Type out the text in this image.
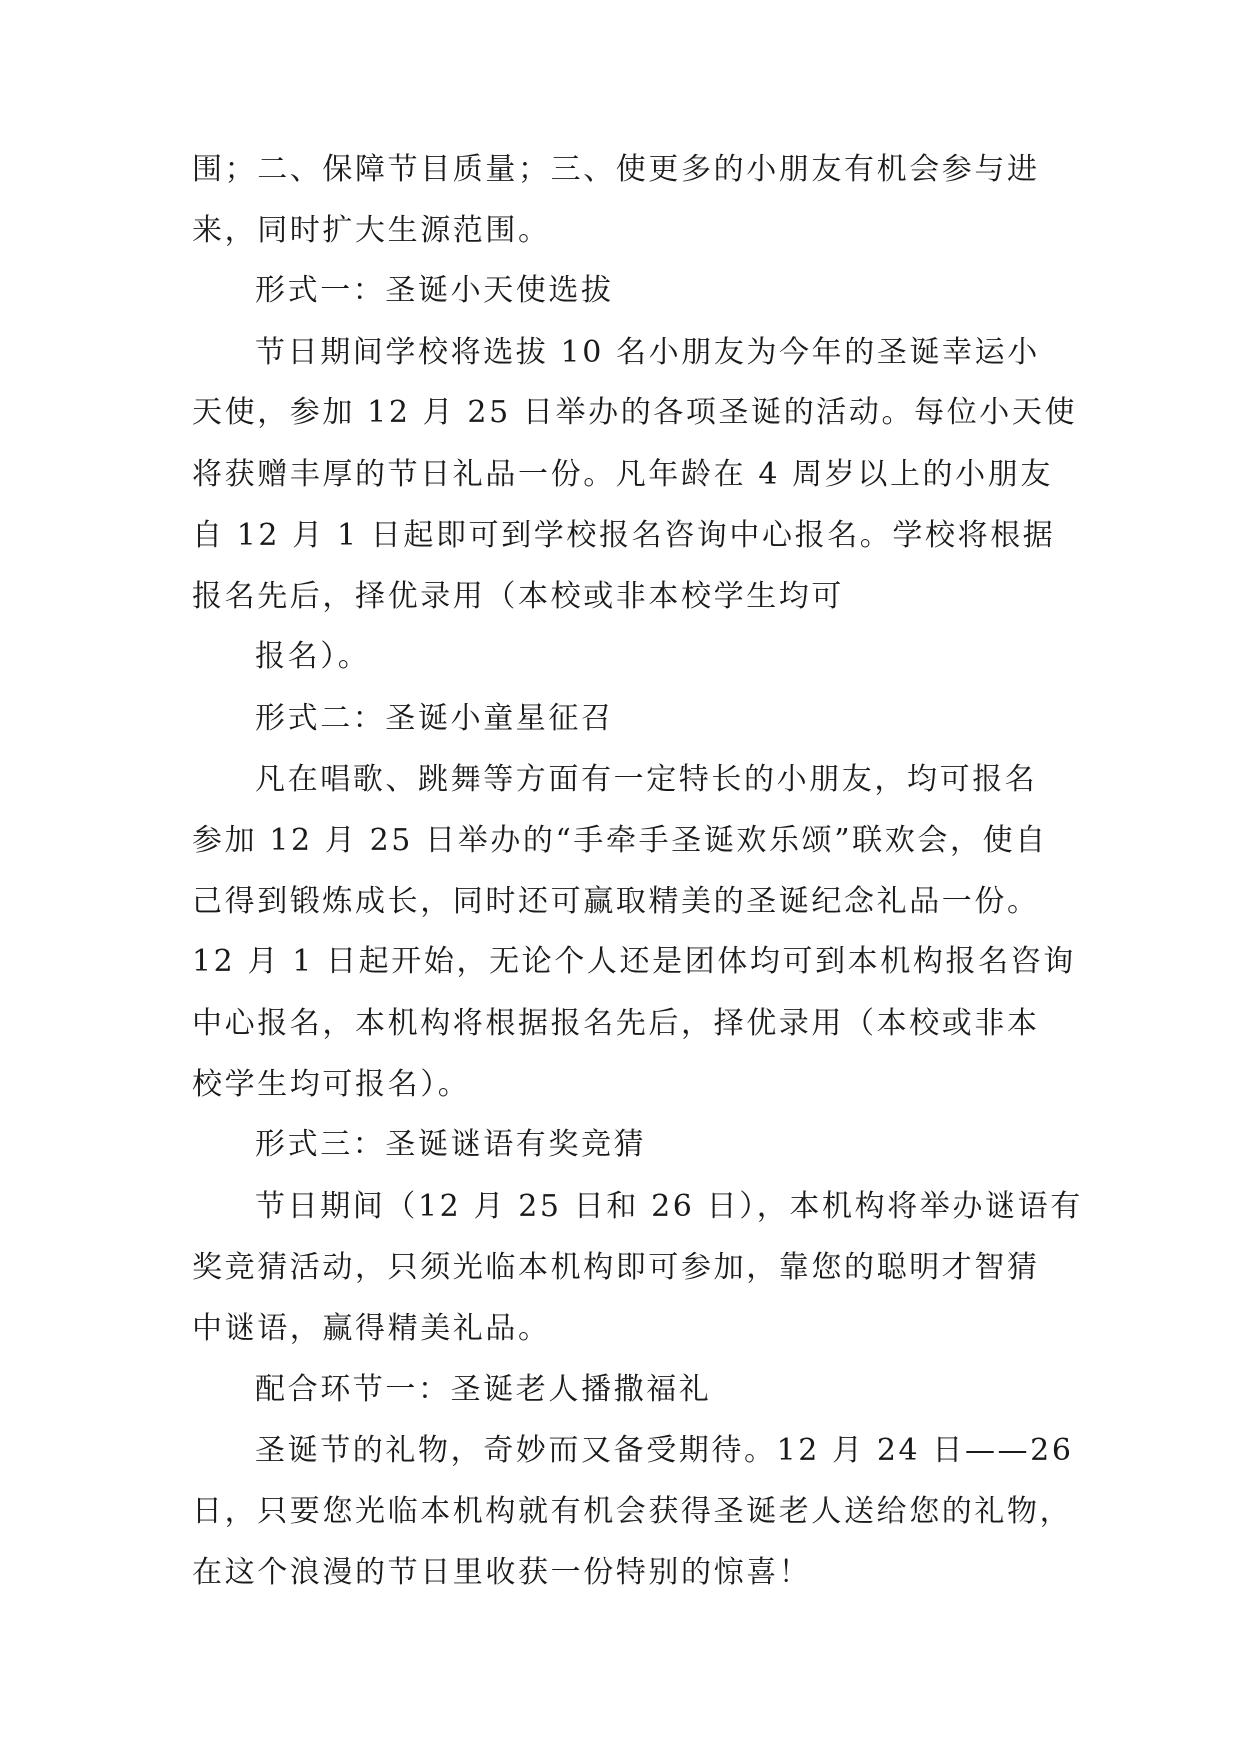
围；二、保障节目质量；三、使更多的小朋友有机会参与进
来，同时扩大生源范围。
形式一：圣诞小天使选拔
节日期间学校将选拔 10 名小朋友为今年的圣诞幸运小
天使，参加 12 月 25 日举办的各项圣诞的活动。每位小天使
将获赠丰厚的节日礼品一份。凡年龄在 4 周岁以上的小朋友
自 12 月 1 日起即可到学校报名咨询中心报名。学校将根据
报名先后，择优录用（本校或非本校学生均可
报名）。
形式二：圣诞小童星征召
凡在唱歌、跳舞等方面有一定特长的小朋友，均可报名
参加 12 月 25 日举办的“手牵手圣诞欢乐颂”联欢会，使自
己得到锻炼成长，同时还可赢取精美的圣诞纪念礼品一份。
12 月 1 日起开始，无论个人还是团体均可到本机构报名咨询
中心报名，本机构将根据报名先后，择优录用（本校或非本
校学生均可报名）。
形式三：圣诞谜语有奖竞猜
节日期间（12 月 25 日和 26 日），本机构将举办谜语有
奖竞猜活动，只须光临本机构即可参加，靠您的聪明才智猜
中谜语，赢得精美礼品。
配合环节一：圣诞老人播撒福礼
圣诞节的礼物，奇妙而又备受期待。12 月 24 日——26
日，只要您光临本机构就有机会获得圣诞老人送给您的礼物，
在这个浪漫的节日里收获一份特别的惊喜！
